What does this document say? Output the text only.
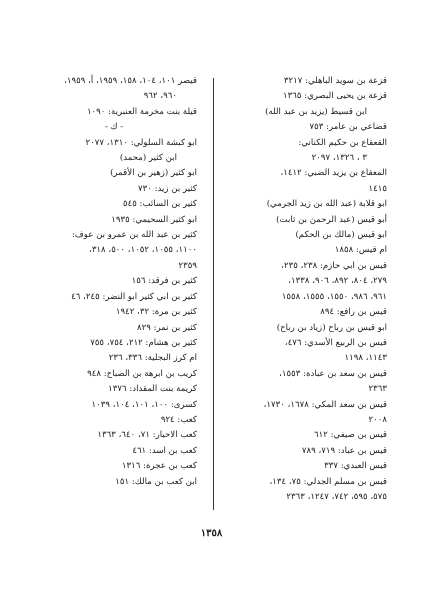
قزعة بن سويد الباهلي: ٣٢١٧
قزعة بن يحيى البصري: ١٣٦٥
ابن قسيط (يزيد بن عبد الله)
قضاعي بن عامر: ٧٥٣
القعقاع بن حكيم الكناني:
٣ ، ١٣٢٦، ٢٠٩٧
المعقاع بن يزيد الضبي: ١٤١٢،
١٤١٥
ابو قلابة (عبد الله بن زيد الجرمي)
أبو قيس (عبد الرحمن بن ثابت)
ابو قيس (مالك بن الحكم)
ام قيس: ١٨٥٨
قيس بن ابي حازم: ٢٣٨، ٢٣٥،
٢٧٩، ٨٠٤، ٨٩٢، ٩٠٦، ١٣٣٨،
٩٦١، ٩٨٦، ١٥٥٠، ١٥٥٥، ١٥٥٨
قيس بن رافع: ٨٩٤
ابو قيس بن رباح (زياد بن رباح)
قيس بن الربيع الأسدي: ٤٧٦،
١١٤٣، ١١٩٨
قيس بن سعد بن عبادة: ١٥٥٣،
٢٣٦٣
قيس بن سعد المكي: ١٦٧٨، ١٧٣٠،
٢٠٠٨
قيس بن صيفي: ٦١٢
قيس بن عباد: ٧١٩، ٧٨٩
قيس العبدي: ٣٣٧
قيس بن مسلم الجدلي: ٧٥، ١٣٤،
٥٧٥، ٥٩٥، ٧٤٢، ١٢٤٧، ٢٣٦٣
قيصر ١٠١، ١٠٤، ١٥٨، ١٩٥٩، أ، ١٩٥٩،
٩٦٠، ٩٦٢
قيلة بنت مخرمة العنبرية: ١٠٩٠
- ك -
ابو كبشة السلولي: ١٣١٠، ٢٠٧٧
ابن كثير (محمد)
ابو كثير (زهير بن الأقمر)
كثير بن زيد: ٧٣٠
كثير بن السائب: ٥٤٥
ابو كثير السحيمي: ١٩٣٥
كثير بن عبد الله بن عمرو بن عوف:
١١٠٠، ١٠٥٥، ١٠٥٢، ٥٠٠، ٣١٨،
٢٣٥٩
كثير بن فرقد: ١٥٦
كثير بن ابي كثير ابو النضر: ٢٤٥، ٤٦
كثير بن مرة: ٣٢، ١٩٤٢
كثير بن نمر: ٨٢٩
كثير بن هشام: ٢١٢، ٧٥٤، ٧٥٥
ام كرز البجلية: ٣٣٦، ٢٣٦
كريب بن ابرهة بن الصباح: ٩٤٨
كريمة بنت المقداد: ١٣٧٦
كسرى: ١٠٠، ١٠١، ١٠٤، ١٠٣٩
كعب: ٩٢٤
كعب الاحبار: ٧١، ٦٤٠، ١٣٦٣
كعب بن اسد: ٤٦١
كعب بن عجرة: ١٣١٦
ابن كعب بن مالك: ١٥١
١٣٥٨
